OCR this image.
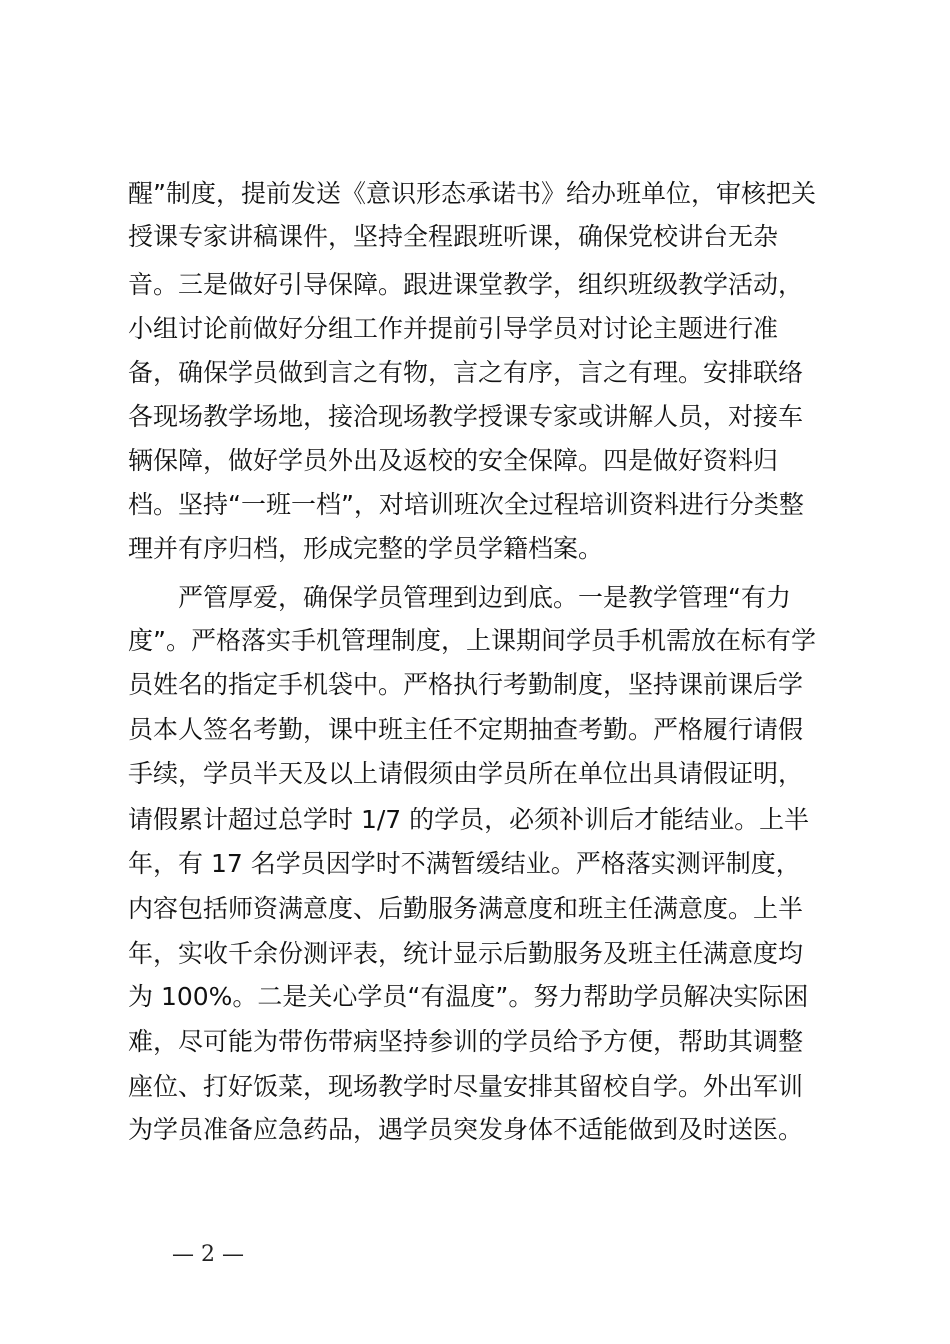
醒”制度，提前发送《意识形态承诺书》给办班单位，审核把关
授课专家讲稿课件，坚持全程跟班听课，确保党校讲台无杂
音。三是做好引导保障。跟进课堂教学，组织班级教学活动，
小组讨论前做好分组工作并提前引导学员对讨论主题进行准
备，确保学员做到言之有物，言之有序，言之有理。安排联络
各现场教学场地，接洽现场教学授课专家或讲解人员，对接车
辆保障，做好学员外出及返校的安全保障。四是做好资料归
档。坚持“一班一档”，对培训班次全过程培训资料进行分类整
理并有序归档，形成完整的学员学籍档案。
严管厚爱，确保学员管理到边到底。一是教学管理“有力
度”。严格落实手机管理制度，上课期间学员手机需放在标有学
员姓名的指定手机袋中。严格执行考勤制度，坚持课前课后学
员本人签名考勤，课中班主任不定期抽查考勤。严格履行请假
手续，学员半天及以上请假须由学员所在单位出具请假证明，
请假累计超过总学时 1/7 的学员，必须补训后才能结业。上半
年，有 17 名学员因学时不满暂缓结业。严格落实测评制度，
内容包括师资满意度、后勤服务满意度和班主任满意度。上半
年，实收千余份测评表，统计显示后勤服务及班主任满意度均
为 100%。二是关心学员“有温度”。努力帮助学员解决实际困
难，尽可能为带伤带病坚持参训的学员给予方便，帮助其调整
座位、打好饭菜，现场教学时尽量安排其留校自学。外出军训
为学员准备应急药品，遇学员突发身体不适能做到及时送医。
— 2 —
